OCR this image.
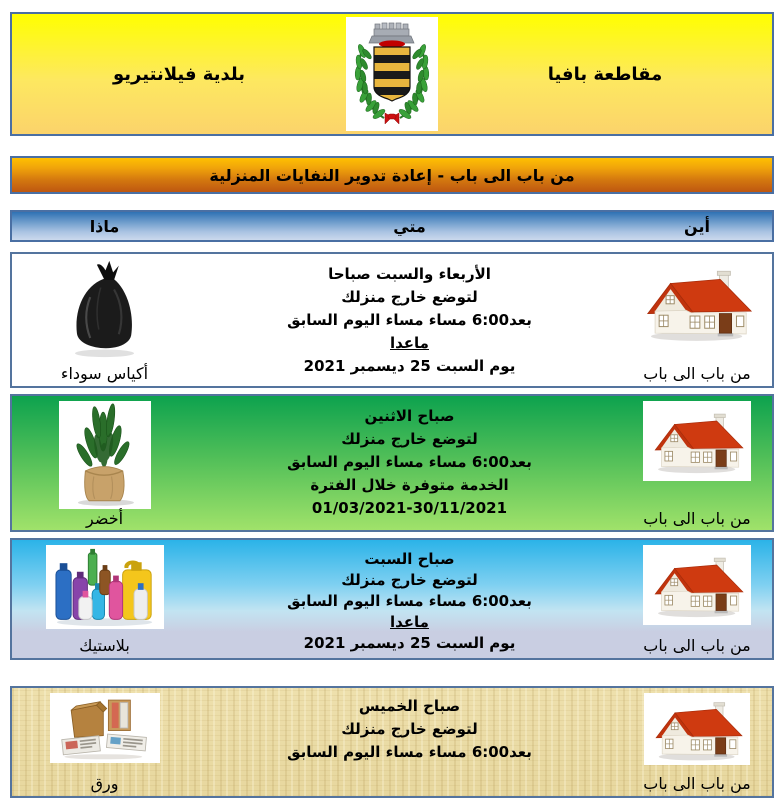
مقاطعة بافيا
بلدية فيلانتيريو
من باب الى باب - إعادة تدوير النفايات المنزلية
أين
متي
ماذا
من باب الى باب
الأربعاء والسبت صباحا
لتوضع خارج منزلك
بعد6:00 مساء مساء اليوم السابق
ماعدا
يوم السبت 25 ديسمبر 2021
أكياس سوداء
من باب الى باب
صباح الاثنين
لتوضع خارج منزلك
بعد6:00 مساء مساء اليوم السابق
الخدمة متوفرة خلال الفترة
01/03/2021-30/11/2021
أخضر
من باب الى باب
صباح السبت
لتوضع خارج منزلك
بعد6:00 مساء مساء اليوم السابق
ماعدا
يوم السبت 25 ديسمبر 2021
بلاستيك
من باب الى باب
صباح الخميس
لتوضع خارج منزلك
بعد6:00 مساء مساء اليوم السابق
ورق
